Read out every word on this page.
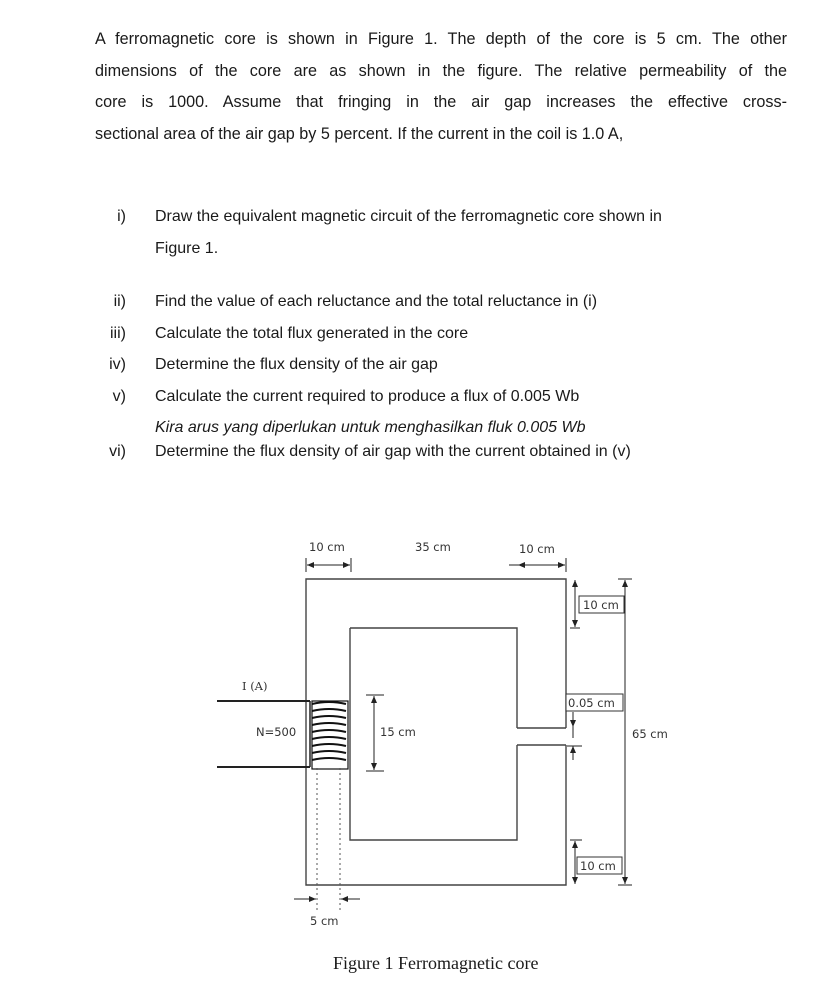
A ferromagnetic core is shown in Figure 1. The depth of the core is 5 cm. The other
dimensions of the core are as shown in the figure. The relative permeability of the
core is 1000. Assume that fringing in the air gap increases the effective cross-
sectional area of the air gap by 5 percent. If the current in the coil is 1.0 A,
i) Draw the equivalent magnetic circuit of the ferromagnetic core shown in
Figure 1.
ii) Find the value of each reluctance and the total reluctance in (i)
iii) Calculate the total flux generated in the core
iv) Determine the flux density of the air gap
v) Calculate the current required to produce a flux of 0.005 Wb
Kira arus yang diperlukan untuk menghasilkan fluk 0.005 Wb
vi) Determine the flux density of air gap with the current obtained in (v)
10 cm	35 cm	10 cm
10 cm
0.05 cm
65 cm
10 cm
15 cm
5 cm
I (A)
N=500
Figure 1 Ferromagnetic core
